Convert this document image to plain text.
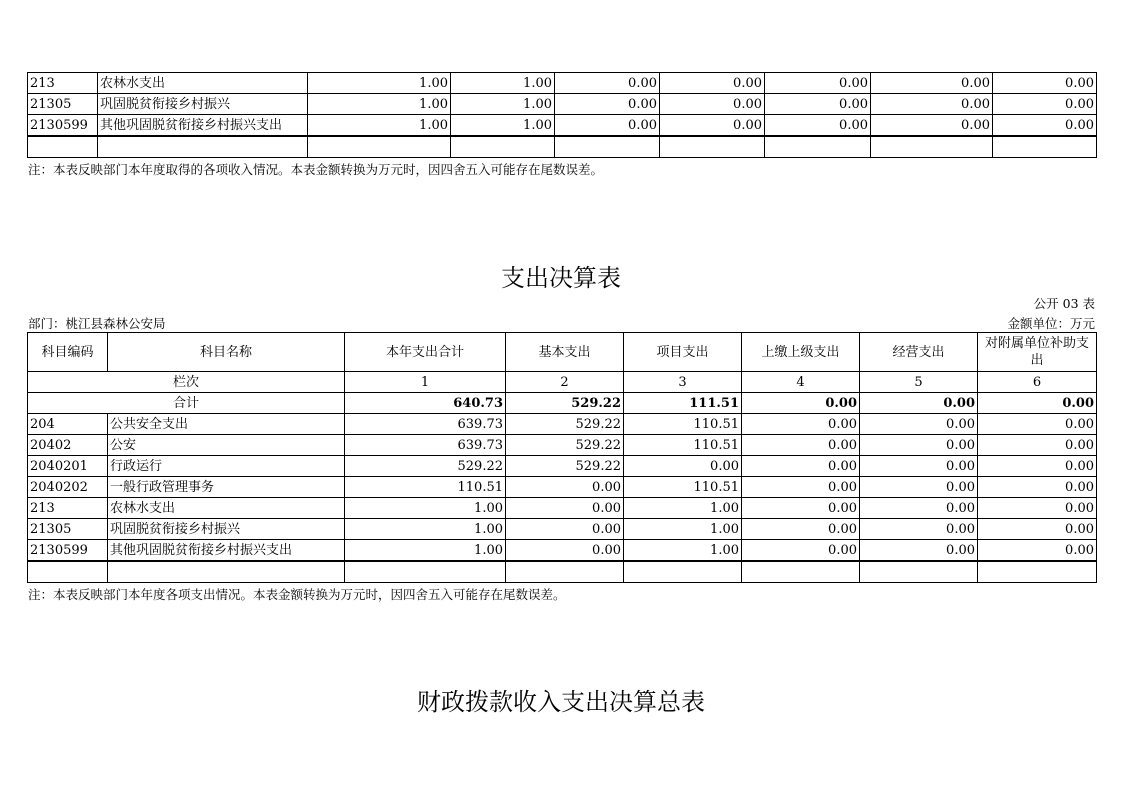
213	农林水支出	1.00	1.00	0.00	0.00	0.00	0.00	0.00
21305	巩固脱贫衔接乡村振兴	1.00	1.00	0.00	0.00	0.00	0.00	0.00
2130599	其他巩固脱贫衔接乡村振兴支出	1.00	1.00	0.00	0.00	0.00	0.00	0.00

注：本表反映部门本年度取得的各项收入情况。本表金额转换为万元时，因四舍五入可能存在尾数误差。
支出决算表
公开 03 表
部门：桃江县森林公安局	金额单位：万元
科目编码	科目名称	本年支出合计	基本支出	项目支出	上缴上级支出	经营支出	对附属单位补助支出
栏次		1	2	3	4	5	6
合计		640.73	529.22	111.51	0.00	0.00	0.00
204	公共安全支出	639.73	529.22	110.51	0.00	0.00	0.00
20402	公安	639.73	529.22	110.51	0.00	0.00	0.00
2040201	行政运行	529.22	529.22	0.00	0.00	0.00	0.00
2040202	一般行政管理事务	110.51	0.00	110.51	0.00	0.00	0.00
213	农林水支出	1.00	0.00	1.00	0.00	0.00	0.00
21305	巩固脱贫衔接乡村振兴	1.00	0.00	1.00	0.00	0.00	0.00
2130599	其他巩固脱贫衔接乡村振兴支出	1.00	0.00	1.00	0.00	0.00	0.00

注：本表反映部门本年度各项支出情况。本表金额转换为万元时，因四舍五入可能存在尾数误差。
财政拨款收入支出决算总表
